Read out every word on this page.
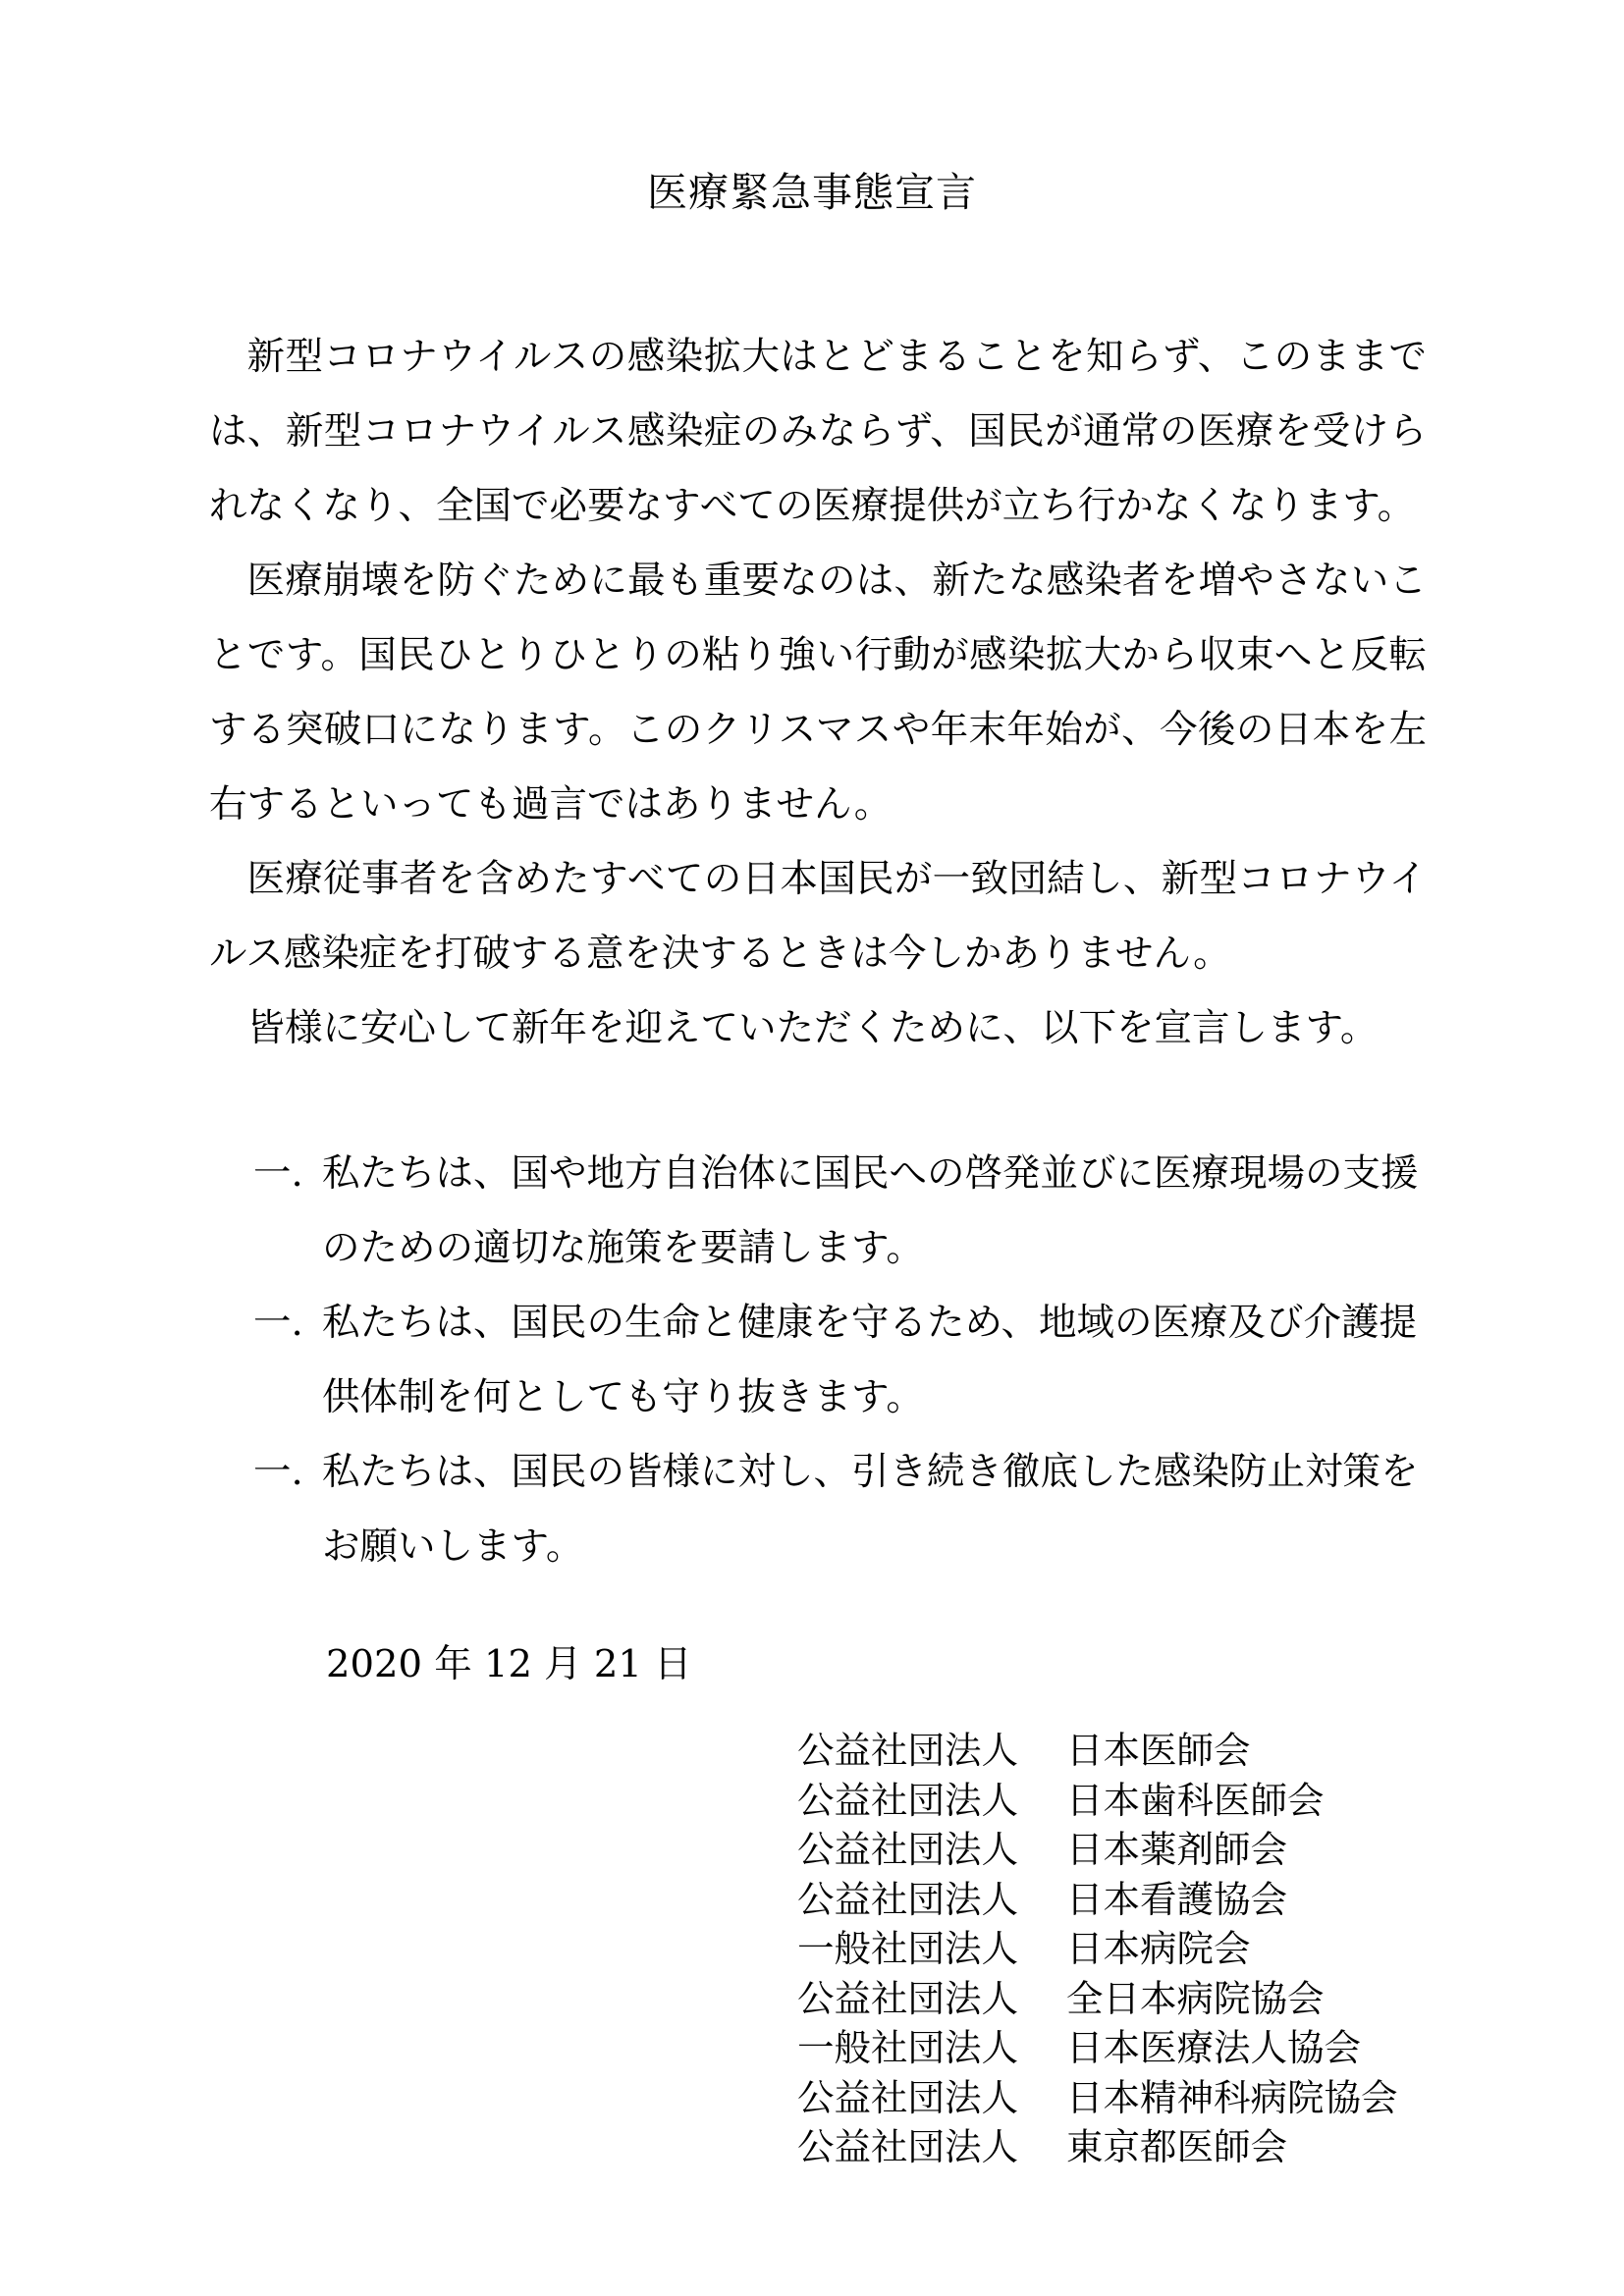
医療緊急事態宣言

新型コロナウイルスの感染拡大はとどまることを知らず、このままでは、新型コロナウイルス感染症のみならず、国民が通常の医療を受けられなくなり、全国で必要なすべての医療提供が立ち行かなくなります。

医療崩壊を防ぐために最も重要なのは、新たな感染者を増やさないことです。国民ひとりひとりの粘り強い行動が感染拡大から収束へと反転する突破口になります。このクリスマスや年末年始が、今後の日本を左右するといっても過言ではありません。

医療従事者を含めたすべての日本国民が一致団結し、新型コロナウイルス感染症を打破する意を決するときは今しかありません。

皆様に安心して新年を迎えていただくために、以下を宣言します。

一. 私たちは、国や地方自治体に国民への啓発並びに医療現場の支援のための適切な施策を要請します。
一. 私たちは、国民の生命と健康を守るため、地域の医療及び介護提供体制を何としても守り抜きます。
一. 私たちは、国民の皆様に対し、引き続き徹底した感染防止対策をお願いします。
2020 年 12 月 21 日
公益社団法人 日本医師会
公益社団法人 日本歯科医師会
公益社団法人 日本薬剤師会
公益社団法人 日本看護協会
一般社団法人 日本病院会
公益社団法人 全日本病院協会
一般社団法人 日本医療法人協会
公益社団法人 日本精神科病院協会
公益社団法人 東京都医師会
